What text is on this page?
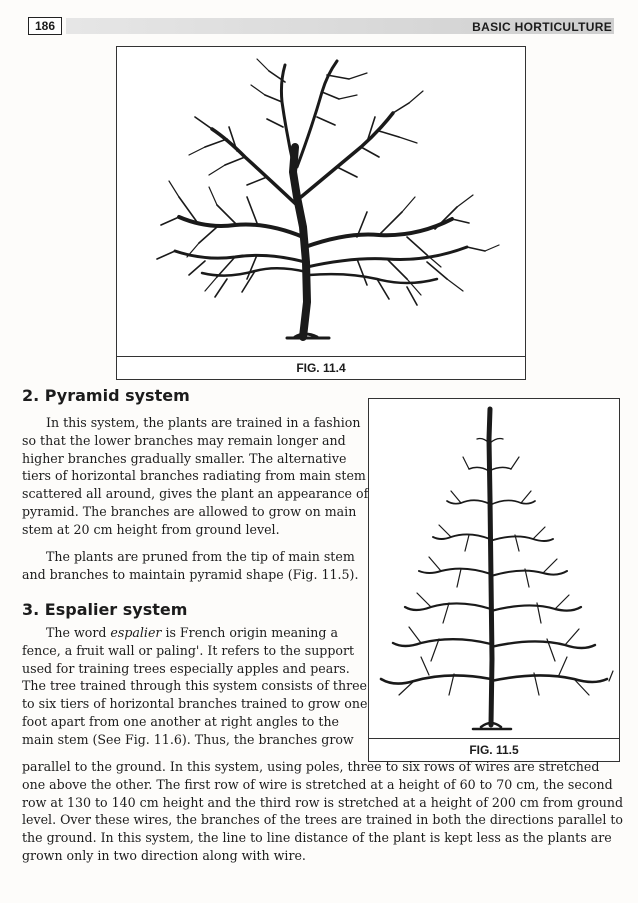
186	BASIC HORTICULTURE
FIG. 11.4
FIG. 11.5
2. Pyramid system
In this system, the plants are trained in a fashion
so that the lower branches may remain longer and
higher branches gradually smaller. The alternative
tiers of horizontal branches radiating from main stem
scattered all around, gives the plant an appearance of
pyramid. The branches are allowed to grow on main
stem at 20 cm height from ground level.
The plants are pruned from the tip of main stem
and branches to maintain pyramid shape (Fig. 11.5).
3. Espalier system
The word espalier is French origin meaning a
fence, a fruit wall or paling'. It refers to the support
used for training trees especially apples and pears.
The tree trained through this system consists of three
to six tiers of horizontal branches trained to grow one
foot apart from one another at right angles to the
main stem (See Fig. 11.6). Thus, the branches grow
parallel to the ground. In this system, using poles, three to six rows of wires are stretched
one above the other. The first row of wire is stretched at a height of 60 to 70 cm, the second
row at 130 to 140 cm height and the third row is stretched at a height of 200 cm from ground
level. Over these wires, the branches of the trees are trained in both the directions parallel to
the ground. In this system, the line to line distance of the plant is kept less as the plants are
grown only in two direction along with wire.
